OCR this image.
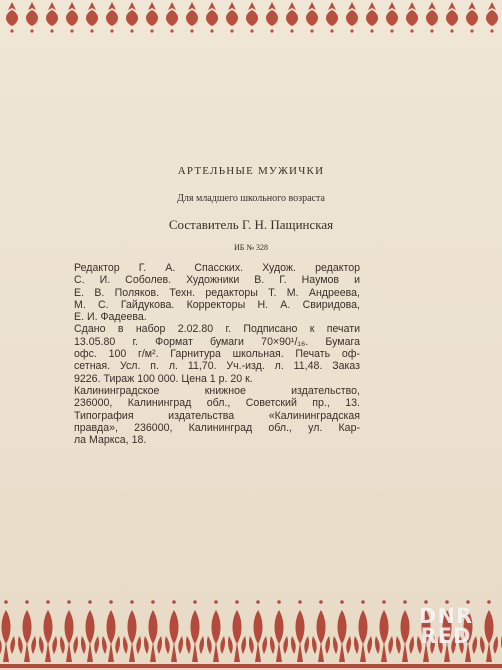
АРТЕЛЬНЫЕ МУЖИЧКИ
Для младшего школьного возраста
Составитель Г. Н. Пащинская
ИБ № 328
Редактор Г. А. Спасских. Худож. редактор
С. И. Соболев. Художники В. Г. Наумов и
Е. В. Поляков. Техн. редакторы Т. М. Андреева,
М. С. Гайдукова. Корректоры Н. А. Свиридова,
Е. И. Фадеева.
Сдано в набор 2.02.80 г. Подписано к печати
13.05.80 г. Формат бумаги 70×90¹/₁₆. Бумага
офс. 100 г/м². Гарнитура школьная. Печать оф-
сетная. Усл. п. л. 11,70. Уч.-изд. л. 11,48. Заказ
9226. Тираж 100 000. Цена 1 р. 20 к.
Калининградское книжное издательство,
236000, Калининград обл., Советский пр., 13.
Типография издательства «Калининградская
правда», 236000, Калининград обл., ул. Кар-
ла Маркса, 18.
DNR
RED
